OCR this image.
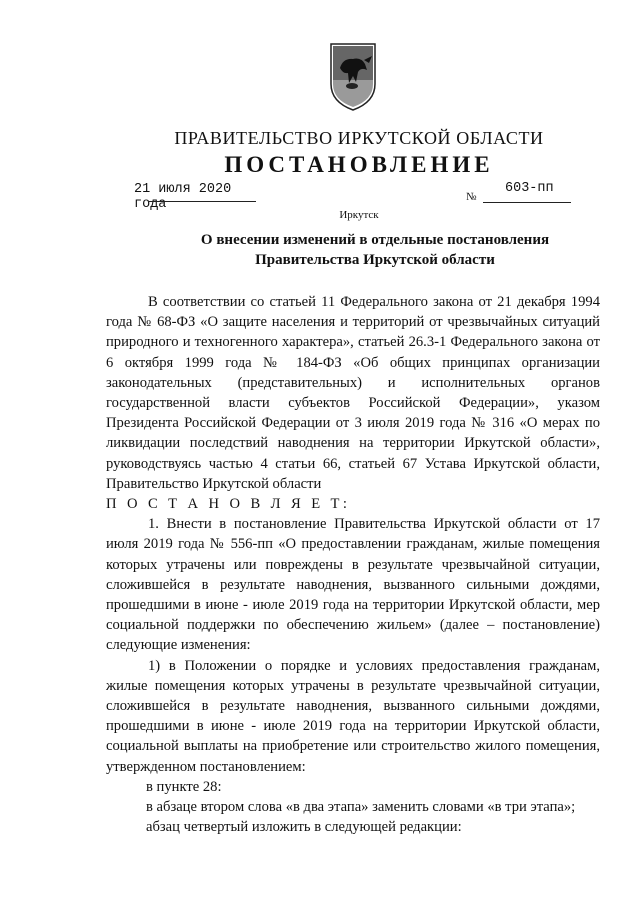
ПРАВИТЕЛЬСТВО ИРКУТСКОЙ ОБЛАСТИ
ПОСТАНОВЛЕНИЕ
21 июля 2020 года	№
603-пп
Иркутск
О внесении изменений в отдельные постановления
Правительства Иркутской области

В соответствии со статьей 11 Федерального закона от 21 декабря 1994 года № 68-ФЗ «О защите населения и территорий от чрезвычайных ситуаций природного и техногенного характера», статьей 26.3-1 Федерального закона от 6 октября 1999 года № 184-ФЗ «Об общих принципах организации законодательных (представительных) и исполнительных органов государственной власти субъектов Российской Федерации», указом Президента Российской Федерации от 3 июля 2019 года № 316 «О мерах по ликвидации последствий наводнения на территории Иркутской области», руководствуясь частью 4 статьи 66, статьей 67 Устава Иркутской области, Правительство Иркутской области

П О С Т А Н О В Л Я Е Т:

1. Внести в постановление Правительства Иркутской области от 17 июля 2019 года № 556-пп «О предоставлении гражданам, жилые помещения которых утрачены или повреждены в результате чрезвычайной ситуации, сложившейся в результате наводнения, вызванного сильными дождями, прошедшими в июне - июле 2019 года на территории Иркутской области, мер социальной поддержки по обеспечению жильем» (далее – постановление) следующие изменения:

1) в Положении о порядке и условиях предоставления гражданам, жилые помещения которых утрачены в результате чрезвычайной ситуации, сложившейся в результате наводнения, вызванного сильными дождями, прошедшими в июне - июле 2019 года на территории Иркутской области, социальной выплаты на приобретение или строительство жилого помещения, утвержденном постановлением:

в пункте 28:

в абзаце втором слова «в два этапа» заменить словами «в три этапа»;

абзац четвертый изложить в следующей редакции:
